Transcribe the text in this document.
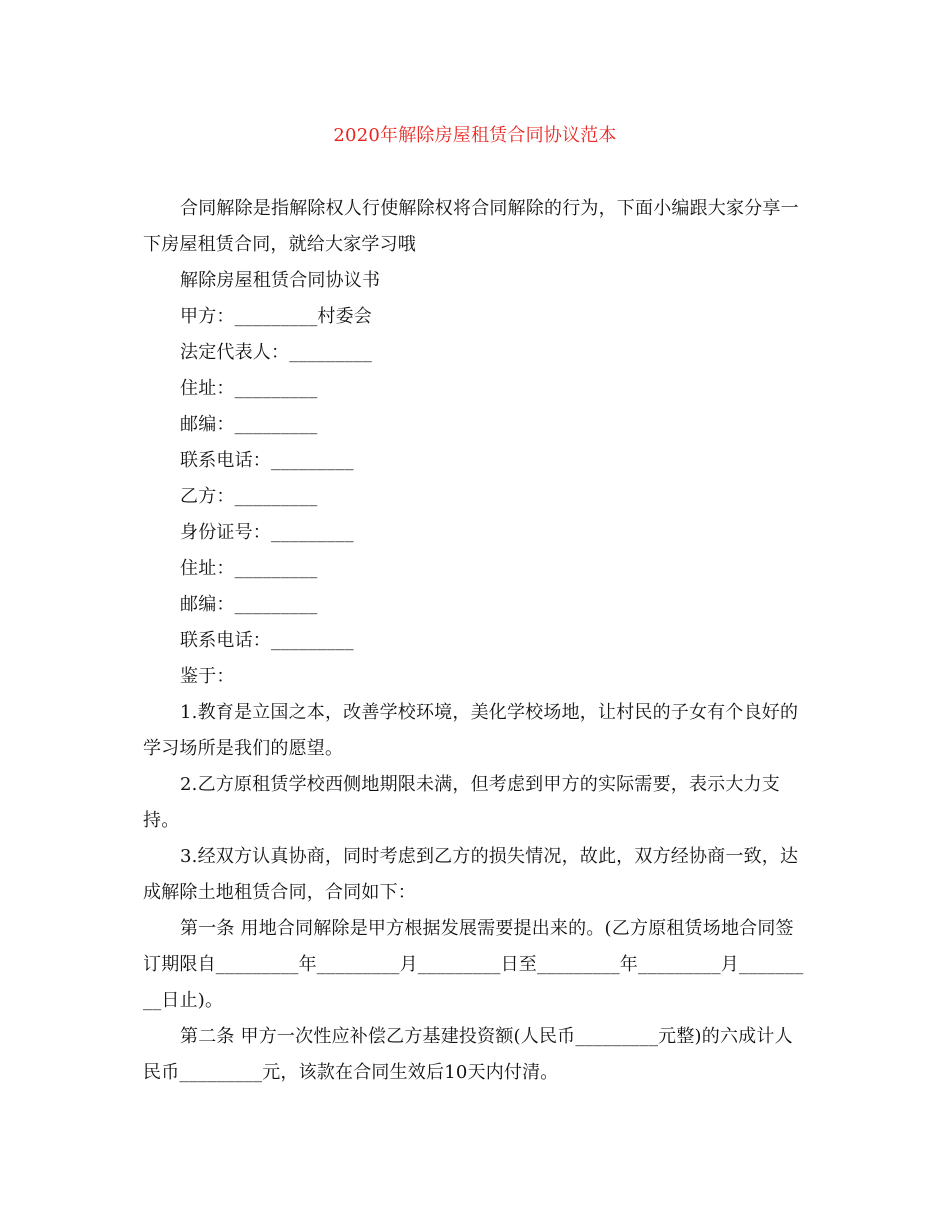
2020年解除房屋租赁合同协议范本

合同解除是指解除权人行使解除权将合同解除的行为，下面小编跟大家分享一下房屋租赁合同，就给大家学习哦

解除房屋租赁合同协议书

甲方：_________村委会

法定代表人：_________

住址：_________

邮编：_________

联系电话：_________

乙方：_________

身份证号：_________

住址：_________

邮编：_________

联系电话：_________

鉴于：

1.教育是立国之本，改善学校环境，美化学校场地，让村民的子女有个良好的学习场所是我们的愿望。

2.乙方原租赁学校西侧地期限未满，但考虑到甲方的实际需要，表示大力支持。

3.经双方认真协商，同时考虑到乙方的损失情况，故此，双方经协商一致，达成解除土地租赁合同，合同如下：

第一条 用地合同解除是甲方根据发展需要提出来的。(乙方原租赁场地合同签订期限自_________年_________月_________日至_________年_________月_________日止)。

第二条 甲方一次性应补偿乙方基建投资额(人民币_________元整)的六成计人民币_________元，该款在合同生效后10天内付清。
